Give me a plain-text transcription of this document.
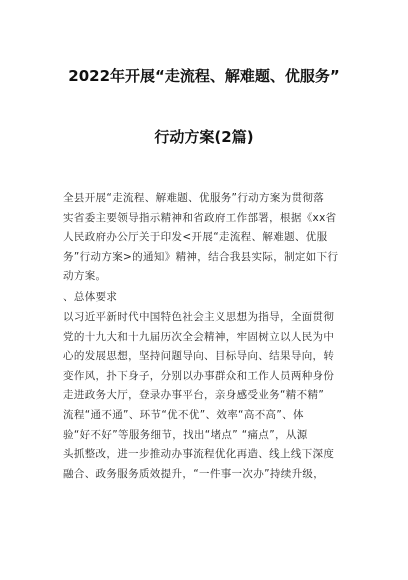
2022年开展“走流程、解难题、优服务”
行动方案(2篇)
全县开展“走流程、解难题、优服务”行动方案为贯彻落
实省委主要领导指示精神和省政府工作部署，根据《xx省
人民政府办公厅关于印发<开展“走流程、解难题、优服
务”行动方案>的通知》精神，结合我县实际，制定如下行
动方案。
、总体要求
以习近平新时代中国特色社会主义思想为指导，全面贯彻
党的十九大和十九届历次全会精神，牢固树立以人民为中
心的发展思想，坚持问题导向、目标导向、结果导向，转
变作风，扑下身子，分别以办事群众和工作人员两种身份
走进政务大厅，登录办事平台，亲身感受业务“精不精”
流程“通不通”、环节“优不优”、效率“高不高”、体
验“好不好”等服务细节，找出“堵点” “痛点”，从源
头抓整改，进一步推动办事流程优化再造、线上线下深度
融合、政务服务质效提升，“一件事一次办”持续升级，
